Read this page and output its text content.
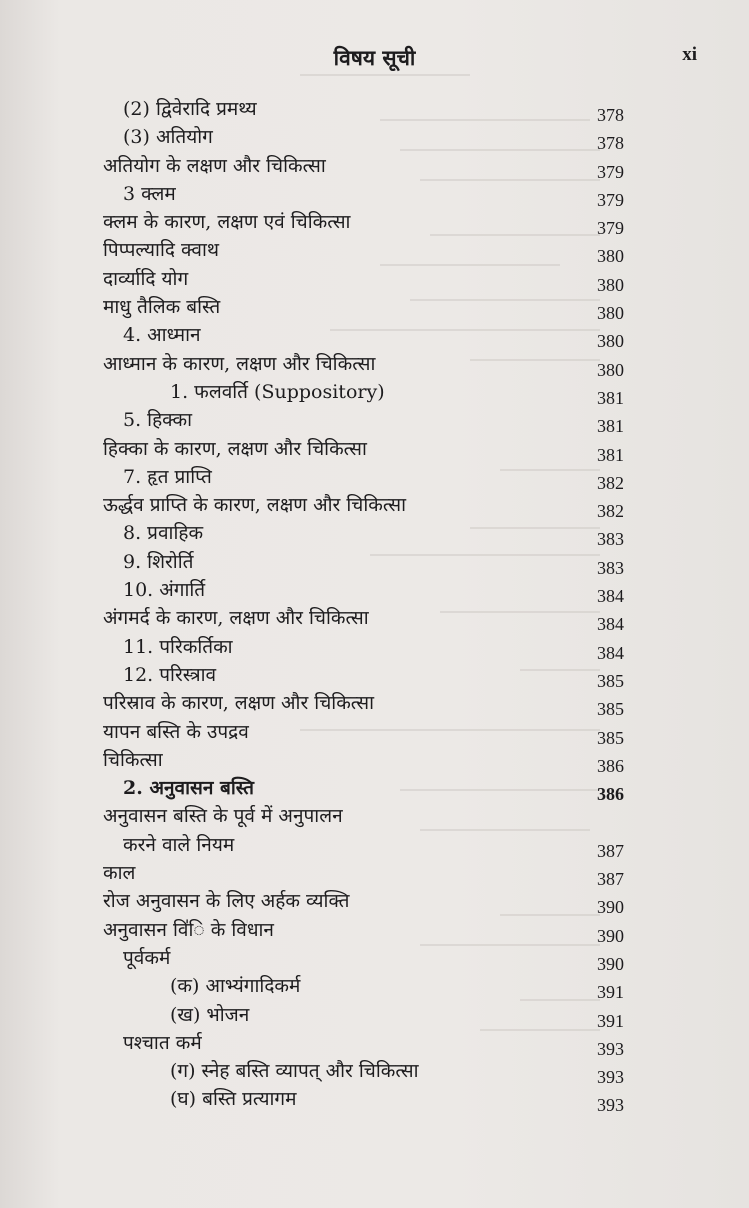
विषय सूची	xi
(2) द्विवेरादि प्रमथ्य	378
(3) अतियोग	378
अतियोग के लक्षण और चिकित्सा	379
3 क्लम	379
क्लम के कारण, लक्षण एवं चिकित्सा	379
पिप्पल्यादि क्वाथ	380
दार्व्यादि योग	380
माधु तैलिक बस्ति	380
4. आध्मान	380
आध्मान के कारण, लक्षण और चिकित्सा	380
1. फलवर्ति (Suppository)	381
5. हिक्का	381
हिक्का के कारण, लक्षण और चिकित्सा	381
7. हृत प्राप्ति	382
ऊर्द्धव प्राप्ति के कारण, लक्षण और चिकित्सा	382
8. प्रवाहिक	383
9. शिरोर्ति	383
10. अंगार्ति	384
अंगमर्द के कारण, लक्षण और चिकित्सा	384
11. परिकर्तिका	384
12. परिस्त्राव	385
परिस्राव के कारण, लक्षण और चिकित्सा	385
यापन बस्ति के उपद्रव	385
चिकित्सा	386
2. अनुवासन बस्ति	386
अनुवासन बस्ति के पूर्व में अनुपालन
करने वाले नियम	387
काल	387
रोज अनुवासन के लिए अर्हक व्यक्ति	390
अनुवासन वि॑ि के विधान	390
पूर्वकर्म	390
(क) आभ्यंगादिकर्म	391
(ख) भोजन	391
पश्चात कर्म	393
(ग) स्नेह बस्ति व्यापत् और चिकित्सा	393
(घ) बस्ति प्रत्यागम	393
